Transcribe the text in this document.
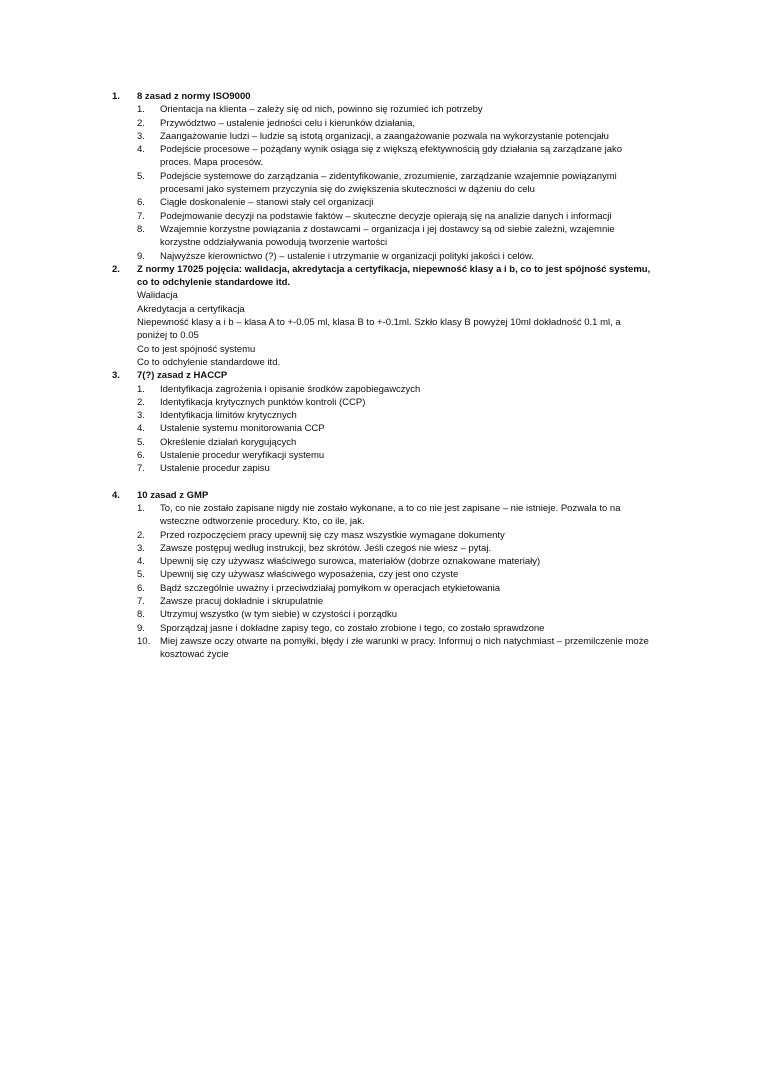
1. 8 zasad z normy ISO9000
1. Orientacja na klienta – zależy się od nich, powinno się rozumieć ich potrzeby
2. Przywództwo – ustalenie jedności celu i kierunków działania,
3. Zaangażowanie ludzi – ludzie są istotą organizacji, a zaangażowanie pozwala na wykorzystanie potencjału
4. Podejście procesowe – pożądany wynik osiąga się z większą efektywnością gdy działania są zarządzane jako proces. Mapa procesów.
5. Podejście systemowe do zarządzania – zidentyfikowanie, zrozumienie, zarządzanie wzajemnie powiązanymi procesami jako systemem przyczynia się do zwiększenia skuteczności w dążeniu do celu
6. Ciągłe doskonalenie – stanowi stały cel organizacji
7. Podejmowanie decyzji na podstawie faktów – skuteczne decyzje opierają się na analizie danych i informacji
8. Wzajemnie korzystne powiązania z dostawcami – organizacja i jej dostawcy są od siebie zależni, wzajemnie korzystne oddziaływania powodują tworzenie wartości
9. Najwyższe kierownictwo (?) – ustalenie i utrzymanie w organizacji polityki jakości i celów.
2. Z normy 17025 pojęcia: walidacja, akredytacja a certyfikacja, niepewność klasy a i b, co to jest spójność systemu, co to odchylenie standardowe itd.
Walidacja
Akredytacja a certyfikacja
Niepewność klasy a i b – klasa A to +-0.05 ml, klasa B to +-0.1ml. Szkło klasy B powyżej 10ml dokładność 0.1 ml, a poniżej to 0.05
Co to jest spójność systemu
Co to odchylenie standardowe itd.
3. 7(?) zasad z HACCP
1. Identyfikacja zagrożenia i opisanie środków zapobiegawczych
2. Identyfikacja krytycznych punktów kontroli (CCP)
3. Identyfikacja limitów krytycznych
4. Ustalenie systemu monitorowania CCP
5. Określenie działań korygujących
6. Ustalenie procedur weryfikacji systemu
7. Ustalenie procedur zapisu
4. 10 zasad z GMP
1. To, co nie zostało zapisane nigdy nie zostało wykonane, a to co nie jest zapisane – nie istnieje. Pozwala to na wsteczne odtworzenie procedury. Kto, co ile, jak.
2. Przed rozpoczęciem pracy upewnij się czy masz wszystkie wymagane dokumenty
3. Zawsze postępuj według instrukcji, bez skrótów. Jeśli czegoś nie wiesz – pytaj.
4. Upewnij się czy używasz właściwego surowca, materiałów (dobrze oznakowane materiały)
5. Upewnij się czy używasz właściwego wyposażenia, czy jest ono czyste
6. Bądź szczególnie uważny i przeciwdziałaj pomyłkom w operacjach etykietowania
7. Zawsze pracuj dokładnie i skrupulatnie
8. Utrzymuj wszystko (w tym siebie) w czystości i porządku
9. Sporządzaj jasne i dokładne zapisy tego, co zostało zrobione i tego, co zostało sprawdzone
10. Miej zawsze oczy otwarte na pomyłki, błędy i złe warunki w pracy. Informuj o nich natychmiast – przemilczenie może kosztować życie
